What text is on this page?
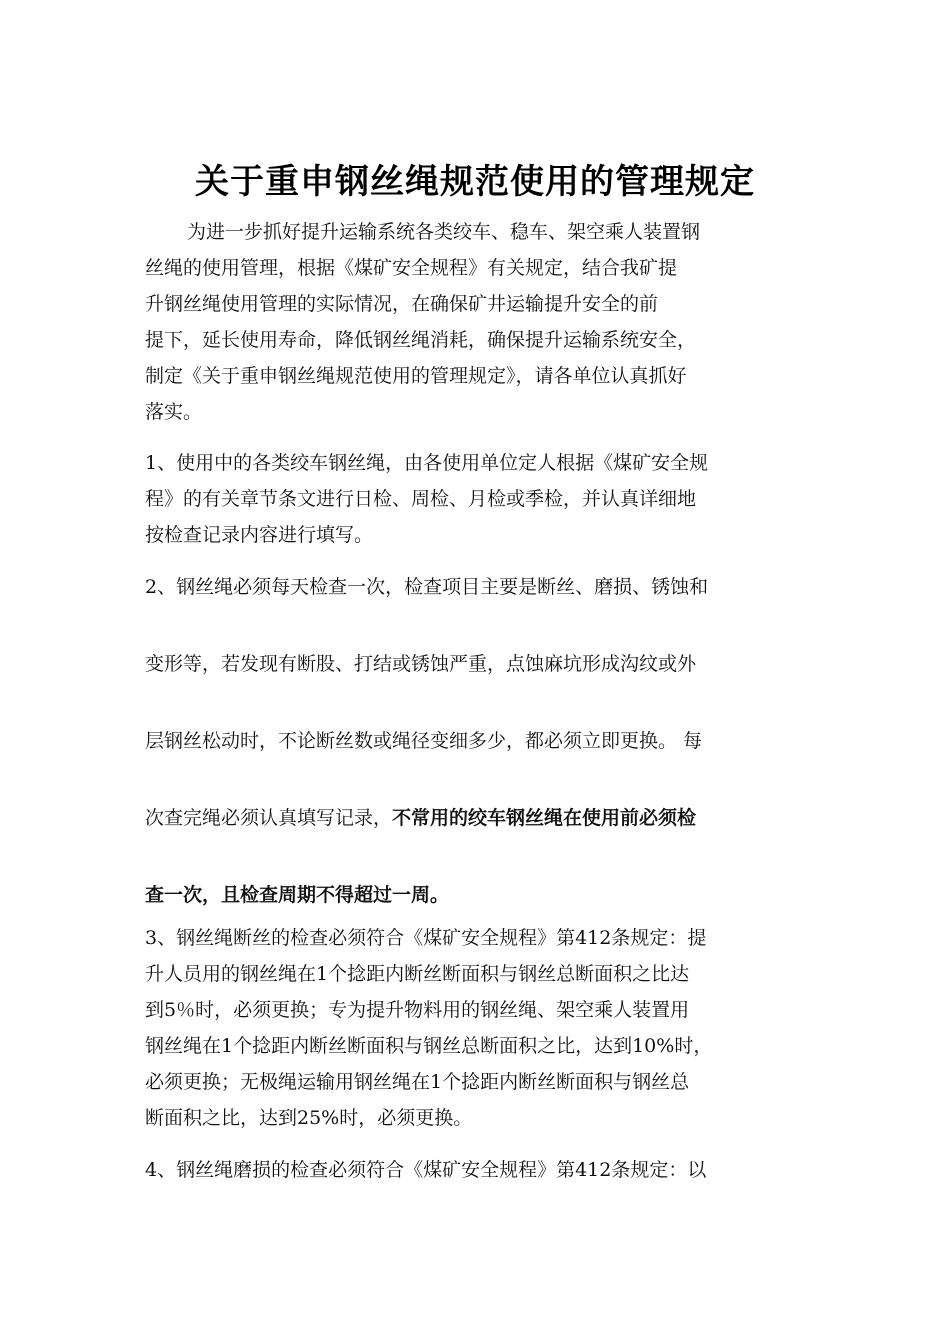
关于重申钢丝绳规范使用的管理规定
为进一步抓好提升运输系统各类绞车、稳车、架空乘人装置钢
丝绳的使用管理，根据《煤矿安全规程》有关规定，结合我矿提
升钢丝绳使用管理的实际情况，在确保矿井运输提升安全的前
提下，延长使用寿命，降低钢丝绳消耗，确保提升运输系统安全，
制定《关于重申钢丝绳规范使用的管理规定》，请各单位认真抓好
落实。
1、使用中的各类绞车钢丝绳，由各使用单位定人根据《煤矿安全规
程》的有关章节条文进行日检、周检、月检或季检，并认真详细地
按检查记录内容进行填写。
2、钢丝绳必须每天检查一次，检查项目主要是断丝、磨损、锈蚀和
变形等，若发现有断股、打结或锈蚀严重，点蚀麻坑形成沟纹或外
层钢丝松动时，不论断丝数或绳径变细多少，都必须立即更换。 每
次查完绳必须认真填写记录，不常用的绞车钢丝绳在使用前必须检
查一次，且检查周期不得超过一周。
3、钢丝绳断丝的检查必须符合《煤矿安全规程》第412条规定：提
升人员用的钢丝绳在1个捻距内断丝断面积与钢丝总断面积之比达
到5％时，必须更换；专为提升物料用的钢丝绳、架空乘人装置用
钢丝绳在1个捻距内断丝断面积与钢丝总断面积之比，达到10%时，
必须更换；无极绳运输用钢丝绳在1个捻距内断丝断面积与钢丝总
断面积之比，达到25%时，必须更换。
4、钢丝绳磨损的检查必须符合《煤矿安全规程》第412条规定：以
